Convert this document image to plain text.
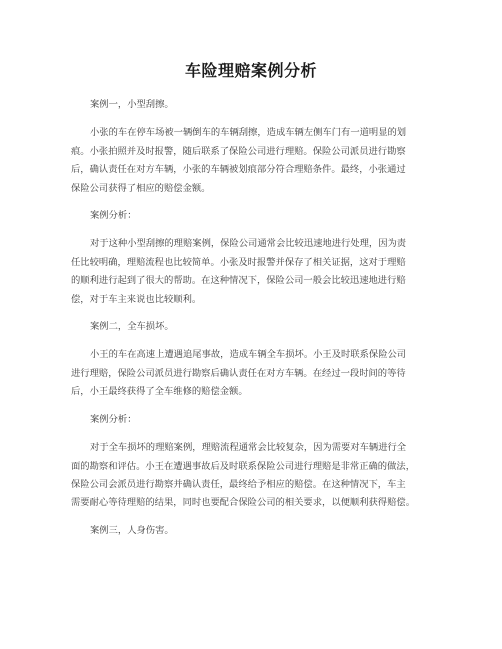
车险理赔案例分析

案例一，小型刮擦。

小张的车在停车场被一辆倒车的车辆刮擦，造成车辆左侧车门有一道明显的划
痕。小张拍照并及时报警，随后联系了保险公司进行理赔。保险公司派员进行勘察
后，确认责任在对方车辆，小张的车辆被划痕部分符合理赔条件。最终，小张通过
保险公司获得了相应的赔偿金额。

案例分析：

对于这种小型刮擦的理赔案例，保险公司通常会比较迅速地进行处理，因为责
任比较明确，理赔流程也比较简单。小张及时报警并保存了相关证据，这对于理赔
的顺利进行起到了很大的帮助。在这种情况下，保险公司一般会比较迅速地进行赔
偿，对于车主来说也比较顺利。

案例二，全车损坏。

小王的车在高速上遭遇追尾事故，造成车辆全车损坏。小王及时联系保险公司
进行理赔，保险公司派员进行勘察后确认责任在对方车辆。在经过一段时间的等待
后，小王最终获得了全车维修的赔偿金额。

案例分析：

对于全车损坏的理赔案例，理赔流程通常会比较复杂，因为需要对车辆进行全
面的勘察和评估。小王在遭遇事故后及时联系保险公司进行理赔是非常正确的做法，
保险公司会派员进行勘察并确认责任，最终给予相应的赔偿。在这种情况下，车主
需要耐心等待理赔的结果，同时也要配合保险公司的相关要求，以便顺利获得赔偿。

案例三，人身伤害。
